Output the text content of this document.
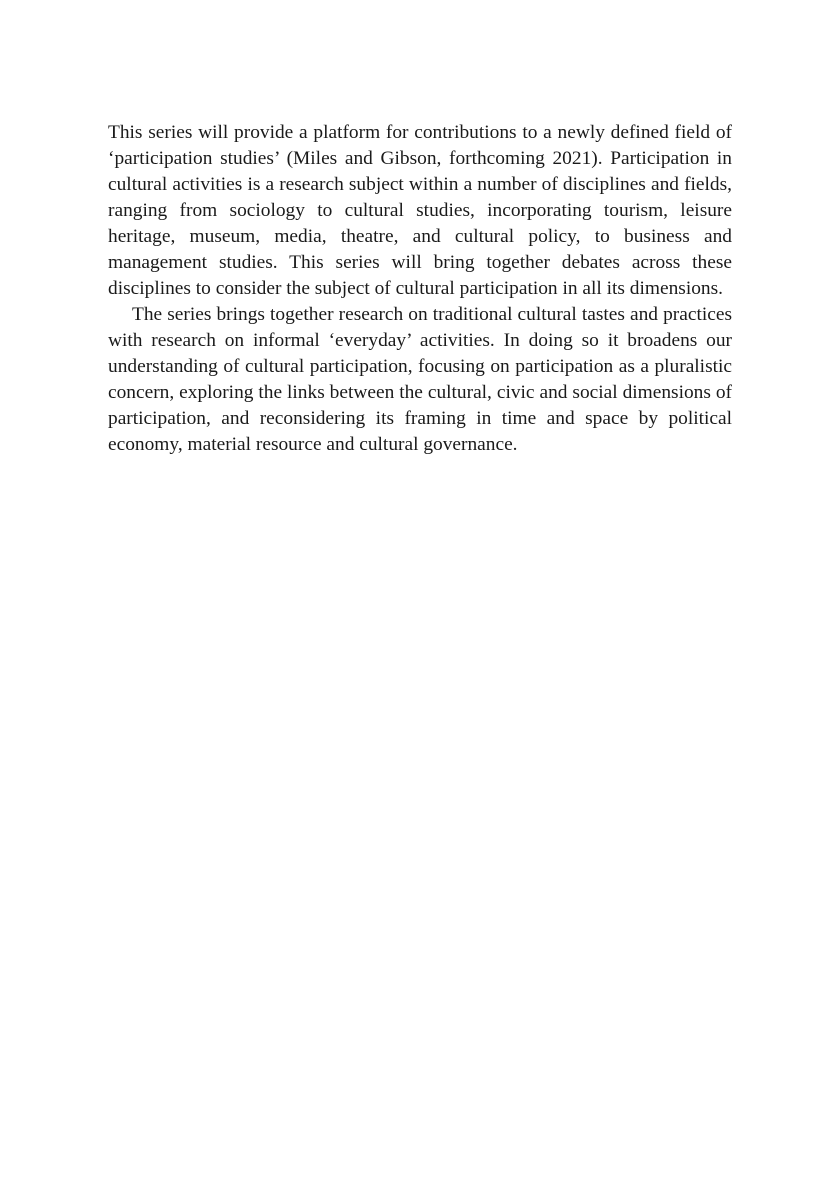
This series will provide a platform for contributions to a newly defined field of ‘participation studies’ (Miles and Gibson, forthcoming 2021). Participation in cultural activities is a research subject within a number of disciplines and fields, ranging from sociology to cultural studies, incorporating tourism, leisure heritage, museum, media, theatre, and cultural policy, to business and management studies. This series will bring together debates across these disciplines to consider the subject of cultural participation in all its dimensions.

The series brings together research on traditional cultural tastes and practices with research on informal ‘everyday’ activities. In doing so it broadens our understanding of cultural participation, focusing on participation as a pluralistic concern, exploring the links between the cultural, civic and social dimensions of participation, and reconsidering its framing in time and space by political economy, material resource and cultural governance.
